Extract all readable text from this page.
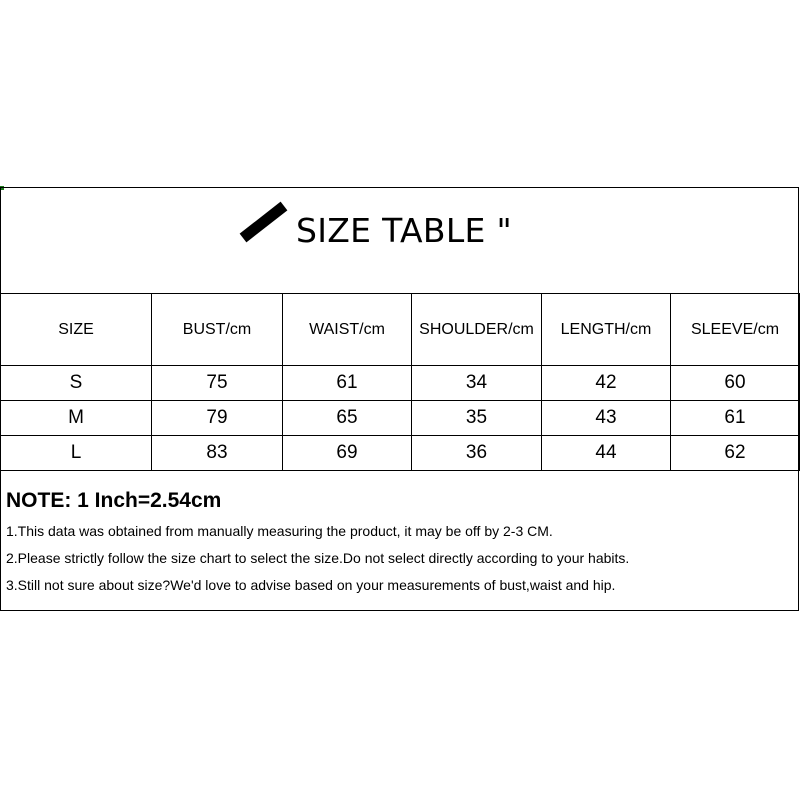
SIZE TABLE "
SIZE	BUST/cm	WAIST/cm	SHOULDER/cm	LENGTH/cm	SLEEVE/cm
S	75	61	34	42	60
M	79	65	35	43	61
L	83	69	36	44	62
NOTE: 1 Inch=2.54cm
1.This data was obtained from manually measuring the product, it may be off by 2-3 CM.
2.Please strictly follow the size chart to select the size.Do not select directly according to your habits.
3.Still not sure about size?We'd love to advise based on your measurements of bust,waist and hip.
